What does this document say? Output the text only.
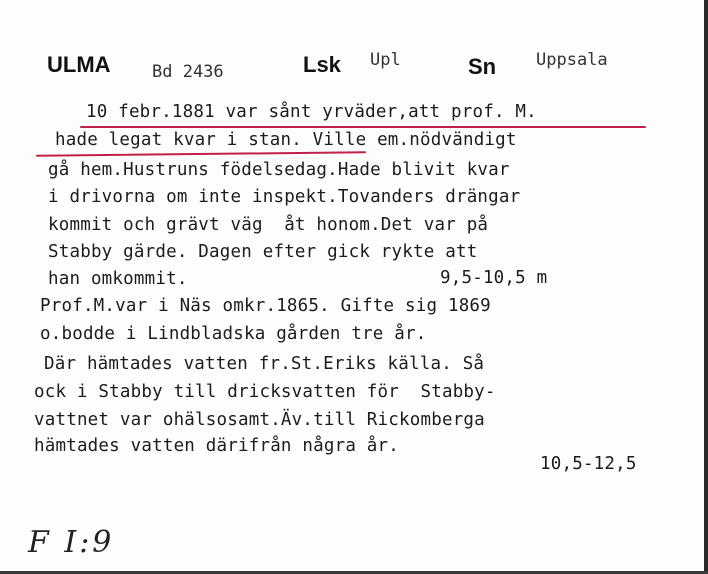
ULMA Bd 2436	Lsk Upl	Sn Uppsala
10 febr.1881 var sånt yrväder,att prof. M.
hade legat kvar i stan. Ville em.nödvändigt
gå hem.Hustruns födelsedag.Hade blivit kvar
i drivorna om inte inspekt.Tovanders drängar
kommit och grävt väg  åt honom.Det var på
Stabby gärde. Dagen efter gick rykte att
han omkommit.	9,5-10,5 m
Prof.M.var i Näs omkr.1865. Gifte sig 1869
o.bodde i Lindbladska gården tre år.
Där hämtades vatten fr.St.Eriks källa. Så
ock i Stabby till dricksvatten för  Stabby-
vattnet var ohälsosamt.Äv.till Rickomberga
hämtades vatten därifrån några år.
10,5-12,5
F I:9
